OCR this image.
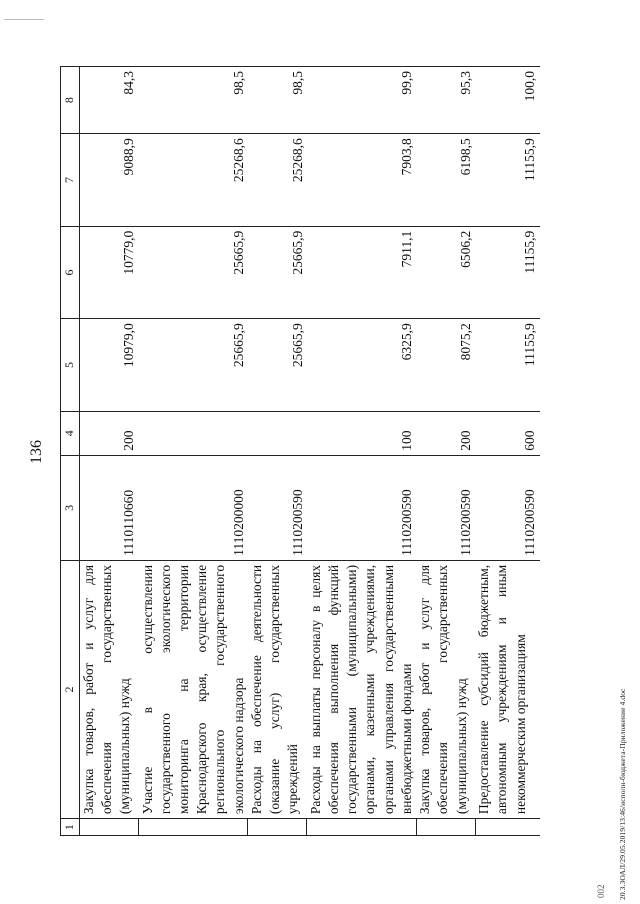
136
1	2	3	4	5	6	7	8
	Закупка товаров, работ и услуг для обеспечения государственных (муниципальных) нужд	1110110660	200	10979,0	10779,0	9088,9	84,3
	Участие в осуществлении государственного экологического мониторинга на территории Краснодарского края, осуществление регионального государственного экологического надзора	1110200000		25665,9	25665,9	25268,6	98,5
	Расходы на обеспечение деятельности (оказание услуг) государственных учреждений	1110200590		25665,9	25665,9	25268,6	98,5
	Расходы на выплаты персоналу в целях обеспечения выполнения функций государственными (муниципальными) органами, казенными учреждениями, органами управления государственными внебюджетными фондами	1110200590	100	6325,9	7911,1	7903,8	99,9
	Закупка товаров, работ и услуг для обеспечения государственных (муниципальных) нужд	1110200590	200	8075,2	6506,2	6198,5	95,3
	Предоставление субсидий бюджетным, автономным учреждениям и иным некоммерческим организациям	1110200590	600	11155,9	11155,9	11155,9	100,0
002 20.3.3ОАЛ/29.05.2019/13:46/исполн-бюджета-Приложение 4.doc
